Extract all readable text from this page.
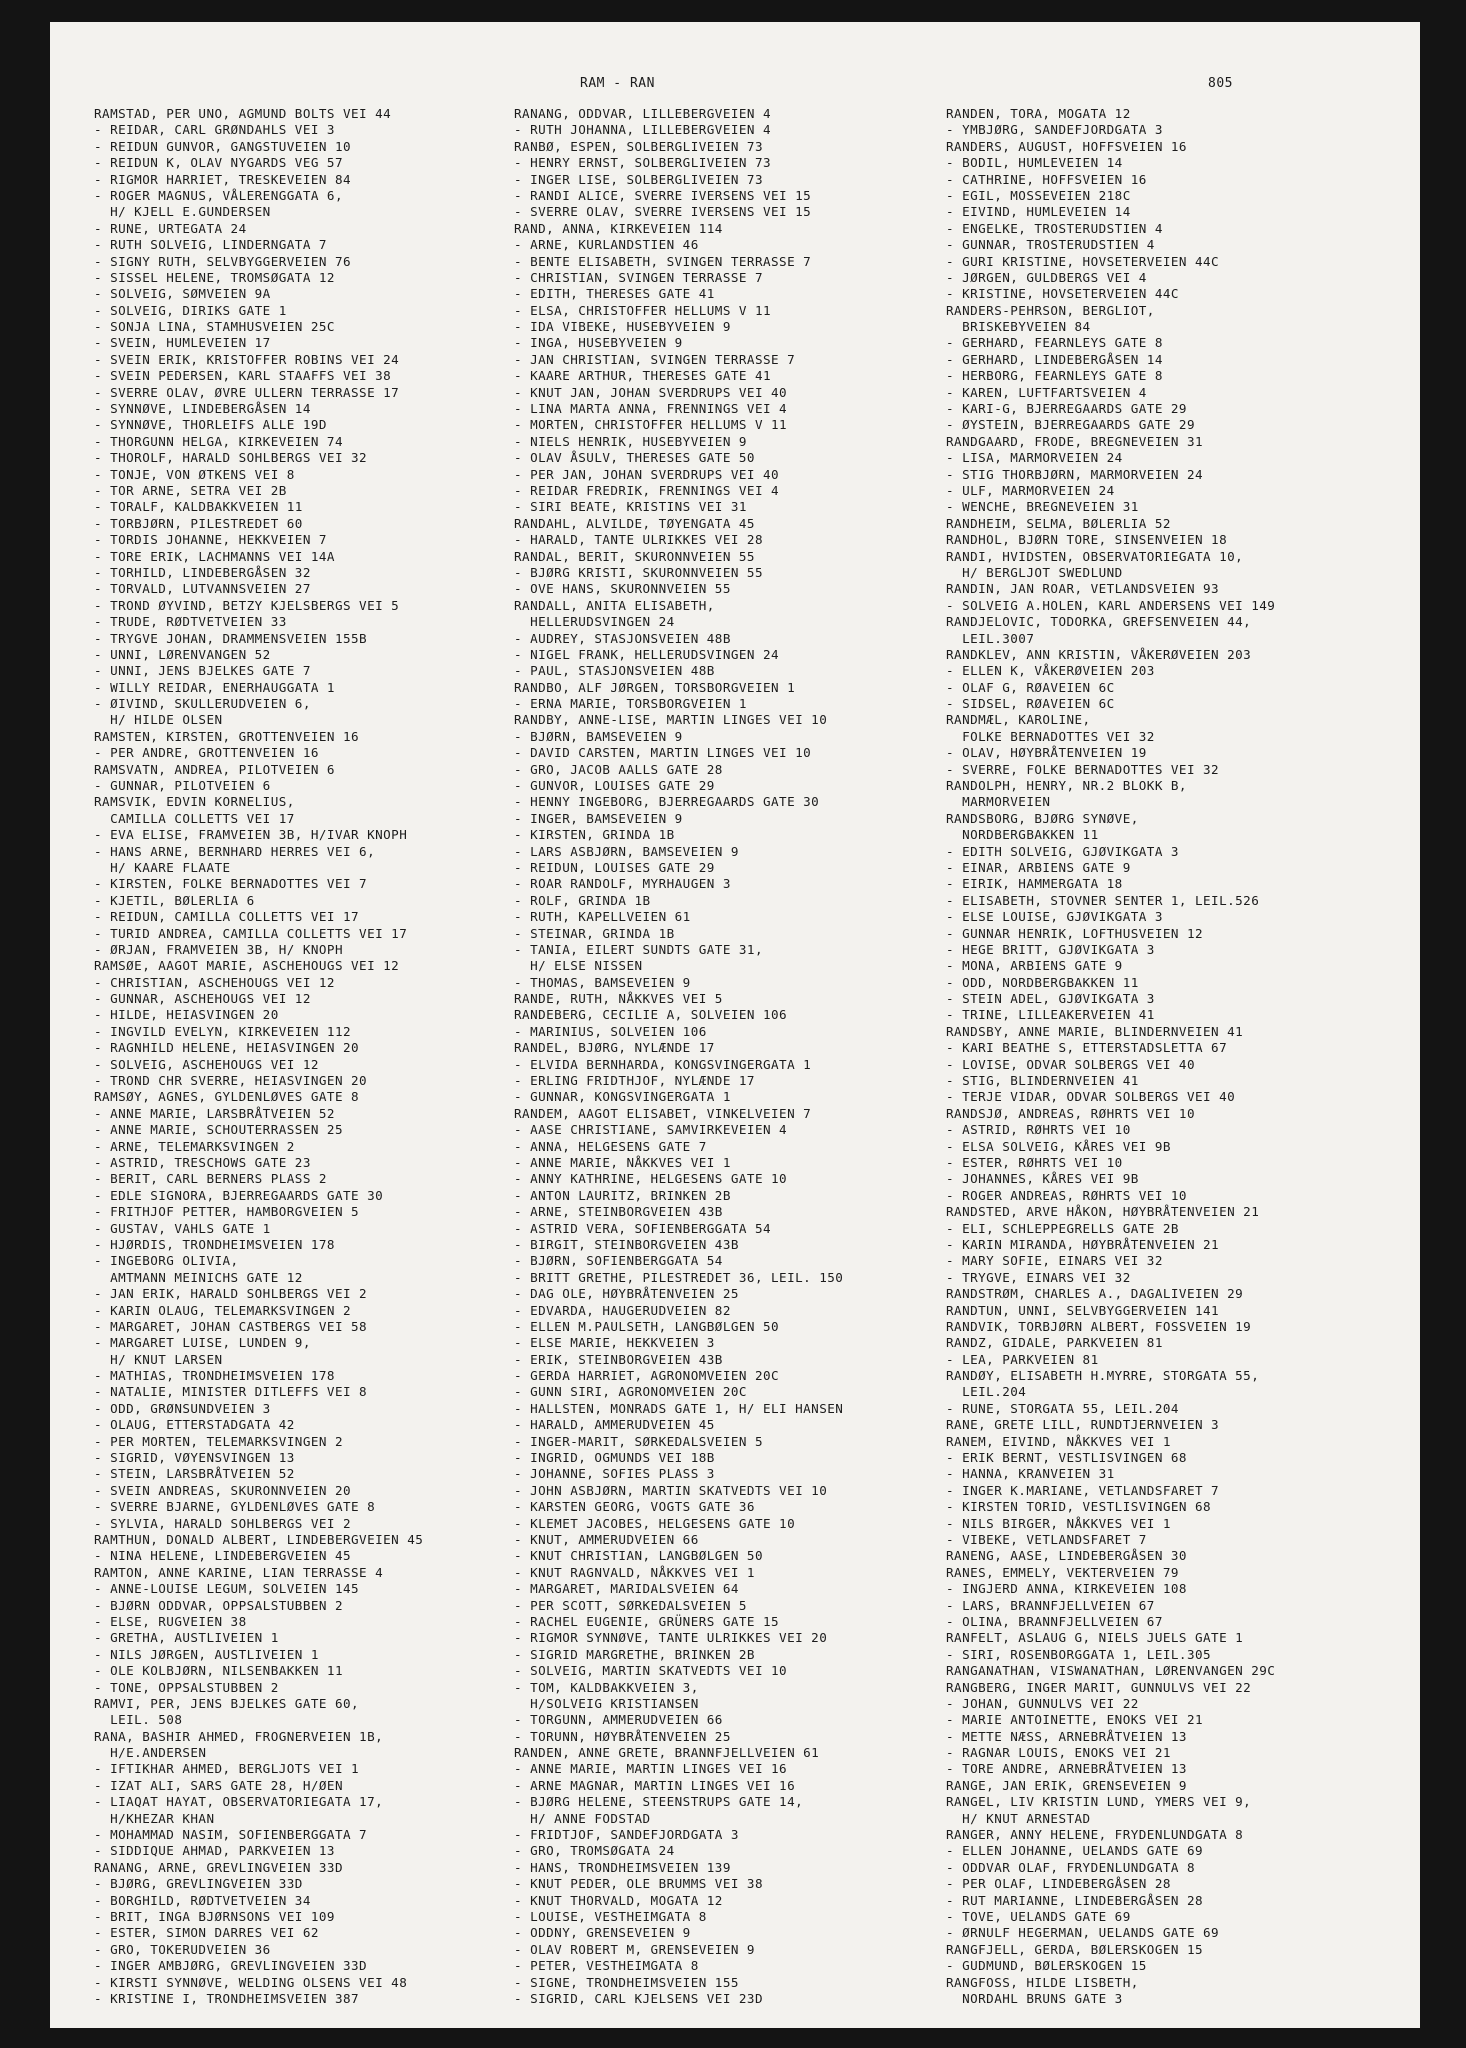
RAM - RAN	805
RAMSTAD, PER UNO, AGMUND BOLTS VEI 44
- REIDAR, CARL GRØNDAHLS VEI 3
- REIDUN GUNVOR, GANGSTUVEIEN 10
- REIDUN K, OLAV NYGARDS VEG 57
- RIGMOR HARRIET, TRESKEVEIEN 84
- ROGER MAGNUS, VÅLERENGGATA 6,
H/ KJELL E.GUNDERSEN
- RUNE, URTEGATA 24
- RUTH SOLVEIG, LINDERNGATA 7
- SIGNY RUTH, SELVBYGGERVEIEN 76
- SISSEL HELENE, TROMSØGATA 12
- SOLVEIG, SØMVEIEN 9A
- SOLVEIG, DIRIKS GATE 1
- SONJA LINA, STAMHUSVEIEN 25C
- SVEIN, HUMLEVEIEN 17
- SVEIN ERIK, KRISTOFFER ROBINS VEI 24
- SVEIN PEDERSEN, KARL STAAFFS VEI 38
- SVERRE OLAV, ØVRE ULLERN TERRASSE 17
- SYNNØVE, LINDEBERGÅSEN 14
- SYNNØVE, THORLEIFS ALLE 19D
- THORGUNN HELGA, KIRKEVEIEN 74
- THOROLF, HARALD SOHLBERGS VEI 32
- TONJE, VON ØTKENS VEI 8
- TOR ARNE, SETRA VEI 2B
- TORALF, KALDBAKKVEIEN 11
- TORBJØRN, PILESTREDET 60
- TORDIS JOHANNE, HEKKVEIEN 7
- TORE ERIK, LACHMANNS VEI 14A
- TORHILD, LINDEBERGÅSEN 32
- TORVALD, LUTVANNSVEIEN 27
- TROND ØYVIND, BETZY KJELSBERGS VEI 5
- TRUDE, RØDTVETVEIEN 33
- TRYGVE JOHAN, DRAMMENSVEIEN 155B
- UNNI, LØRENVANGEN 52
- UNNI, JENS BJELKES GATE 7
- WILLY REIDAR, ENERHAUGGATA 1
- ØIVIND, SKULLERUDVEIEN 6,
H/ HILDE OLSEN
RAMSTEN, KIRSTEN, GROTTENVEIEN 16
- PER ANDRE, GROTTENVEIEN 16
RAMSVATN, ANDREA, PILOTVEIEN 6
- GUNNAR, PILOTVEIEN 6
RAMSVIK, EDVIN KORNELIUS,
CAMILLA COLLETTS VEI 17
- EVA ELISE, FRAMVEIEN 3B, H/IVAR KNOPH
- HANS ARNE, BERNHARD HERRES VEI 6,
H/ KAARE FLAATE
- KIRSTEN, FOLKE BERNADOTTES VEI 7
- KJETIL, BØLERLIA 6
- REIDUN, CAMILLA COLLETTS VEI 17
- TURID ANDREA, CAMILLA COLLETTS VEI 17
- ØRJAN, FRAMVEIEN 3B, H/ KNOPH
RAMSØE, AAGOT MARIE, ASCHEHOUGS VEI 12
- CHRISTIAN, ASCHEHOUGS VEI 12
- GUNNAR, ASCHEHOUGS VEI 12
- HILDE, HEIASVINGEN 20
- INGVILD EVELYN, KIRKEVEIEN 112
- RAGNHILD HELENE, HEIASVINGEN 20
- SOLVEIG, ASCHEHOUGS VEI 12
- TROND CHR SVERRE, HEIASVINGEN 20
RAMSØY, AGNES, GYLDENLØVES GATE 8
- ANNE MARIE, LARSBRÅTVEIEN 52
- ANNE MARIE, SCHOUTERRASSEN 25
- ARNE, TELEMARKSVINGEN 2
- ASTRID, TRESCHOWS GATE 23
- BERIT, CARL BERNERS PLASS 2
- EDLE SIGNORA, BJERREGAARDS GATE 30
- FRITHJOF PETTER, HAMBORGVEIEN 5
- GUSTAV, VAHLS GATE 1
- HJØRDIS, TRONDHEIMSVEIEN 178
- INGEBORG OLIVIA,
AMTMANN MEINICHS GATE 12
- JAN ERIK, HARALD SOHLBERGS VEI 2
- KARIN OLAUG, TELEMARKSVINGEN 2
- MARGARET, JOHAN CASTBERGS VEI 58
- MARGARET LUISE, LUNDEN 9,
H/ KNUT LARSEN
- MATHIAS, TRONDHEIMSVEIEN 178
- NATALIE, MINISTER DITLEFFS VEI 8
- ODD, GRØNSUNDVEIEN 3
- OLAUG, ETTERSTADGATA 42
- PER MORTEN, TELEMARKSVINGEN 2
- SIGRID, VØYENSVINGEN 13
- STEIN, LARSBRÅTVEIEN 52
- SVEIN ANDREAS, SKURONNVEIEN 20
- SVERRE BJARNE, GYLDENLØVES GATE 8
- SYLVIA, HARALD SOHLBERGS VEI 2
RAMTHUN, DONALD ALBERT, LINDEBERGVEIEN 45
- NINA HELENE, LINDEBERGVEIEN 45
RAMTON, ANNE KARINE, LIAN TERRASSE 4
- ANNE-LOUISE LEGUM, SOLVEIEN 145
- BJØRN ODDVAR, OPPSALSTUBBEN 2
- ELSE, RUGVEIEN 38
- GRETHA, AUSTLIVEIEN 1
- NILS JØRGEN, AUSTLIVEIEN 1
- OLE KOLBJØRN, NILSENBAKKEN 11
- TONE, OPPSALSTUBBEN 2
RAMVI, PER, JENS BJELKES GATE 60,
LEIL. 508
RANA, BASHIR AHMED, FROGNERVEIEN 1B,
H/E.ANDERSEN
- IFTIKHAR AHMED, BERGLJOTS VEI 1
- IZAT ALI, SARS GATE 28, H/ØEN
- LIAQAT HAYAT, OBSERVATORIEGATA 17,
H/KHEZAR KHAN
- MOHAMMAD NASIM, SOFIENBERGGATA 7
- SIDDIQUE AHMAD, PARKVEIEN 13
RANANG, ARNE, GREVLINGVEIEN 33D
- BJØRG, GREVLINGVEIEN 33D
- BORGHILD, RØDTVETVEIEN 34
- BRIT, INGA BJØRNSONS VEI 109
- ESTER, SIMON DARRES VEI 62
- GRO, TOKERUDVEIEN 36
- INGER AMBJØRG, GREVLINGVEIEN 33D
- KIRSTI SYNNØVE, WELDING OLSENS VEI 48
- KRISTINE I, TRONDHEIMSVEIEN 387
RANANG, ODDVAR, LILLEBERGVEIEN 4
- RUTH JOHANNA, LILLEBERGVEIEN 4
RANBØ, ESPEN, SOLBERGLIVEIEN 73
- HENRY ERNST, SOLBERGLIVEIEN 73
- INGER LISE, SOLBERGLIVEIEN 73
- RANDI ALICE, SVERRE IVERSENS VEI 15
- SVERRE OLAV, SVERRE IVERSENS VEI 15
RAND, ANNA, KIRKEVEIEN 114
- ARNE, KURLANDSTIEN 46
- BENTE ELISABETH, SVINGEN TERRASSE 7
- CHRISTIAN, SVINGEN TERRASSE 7
- EDITH, THERESES GATE 41
- ELSA, CHRISTOFFER HELLUMS V 11
- IDA VIBEKE, HUSEBYVEIEN 9
- INGA, HUSEBYVEIEN 9
- JAN CHRISTIAN, SVINGEN TERRASSE 7
- KAARE ARTHUR, THERESES GATE 41
- KNUT JAN, JOHAN SVERDRUPS VEI 40
- LINA MARTA ANNA, FRENNINGS VEI 4
- MORTEN, CHRISTOFFER HELLUMS V 11
- NIELS HENRIK, HUSEBYVEIEN 9
- OLAV ÅSULV, THERESES GATE 50
- PER JAN, JOHAN SVERDRUPS VEI 40
- REIDAR FREDRIK, FRENNINGS VEI 4
- SIRI BEATE, KRISTINS VEI 31
RANDAHL, ALVILDE, TØYENGATA 45
- HARALD, TANTE ULRIKKES VEI 28
RANDAL, BERIT, SKURONNVEIEN 55
- BJØRG KRISTI, SKURONNVEIEN 55
- OVE HANS, SKURONNVEIEN 55
RANDALL, ANITA ELISABETH,
HELLERUDSVINGEN 24
- AUDREY, STASJONSVEIEN 48B
- NIGEL FRANK, HELLERUDSVINGEN 24
- PAUL, STASJONSVEIEN 48B
RANDBO, ALF JØRGEN, TORSBORGVEIEN 1
- ERNA MARIE, TORSBORGVEIEN 1
RANDBY, ANNE-LISE, MARTIN LINGES VEI 10
- BJØRN, BAMSEVEIEN 9
- DAVID CARSTEN, MARTIN LINGES VEI 10
- GRO, JACOB AALLS GATE 28
- GUNVOR, LOUISES GATE 29
- HENNY INGEBORG, BJERREGAARDS GATE 30
- INGER, BAMSEVEIEN 9
- KIRSTEN, GRINDA 1B
- LARS ASBJØRN, BAMSEVEIEN 9
- REIDUN, LOUISES GATE 29
- ROAR RANDOLF, MYRHAUGEN 3
- ROLF, GRINDA 1B
- RUTH, KAPELLVEIEN 61
- STEINAR, GRINDA 1B
- TANIA, EILERT SUNDTS GATE 31,
H/ ELSE NISSEN
- THOMAS, BAMSEVEIEN 9
RANDE, RUTH, NÅKKVES VEI 5
RANDEBERG, CECILIE A, SOLVEIEN 106
- MARINIUS, SOLVEIEN 106
RANDEL, BJØRG, NYLÆNDE 17
- ELVIDA BERNHARDA, KONGSVINGERGATA 1
- ERLING FRIDTHJOF, NYLÆNDE 17
- GUNNAR, KONGSVINGERGATA 1
RANDEM, AAGOT ELISABET, VINKELVEIEN 7
- AASE CHRISTIANE, SAMVIRKEVEIEN 4
- ANNA, HELGESENS GATE 7
- ANNE MARIE, NÅKKVES VEI 1
- ANNY KATHRINE, HELGESENS GATE 10
- ANTON LAURITZ, BRINKEN 2B
- ARNE, STEINBORGVEIEN 43B
- ASTRID VERA, SOFIENBERGGATA 54
- BIRGIT, STEINBORGVEIEN 43B
- BJØRN, SOFIENBERGGATA 54
- BRITT GRETHE, PILESTREDET 36, LEIL. 150
- DAG OLE, HØYBRÅTENVEIEN 25
- EDVARDA, HAUGERUDVEIEN 82
- ELLEN M.PAULSETH, LANGBØLGEN 50
- ELSE MARIE, HEKKVEIEN 3
- ERIK, STEINBORGVEIEN 43B
- GERDA HARRIET, AGRONOMVEIEN 20C
- GUNN SIRI, AGRONOMVEIEN 20C
- HALLSTEN, MONRADS GATE 1, H/ ELI HANSEN
- HARALD, AMMERUDVEIEN 45
- INGER-MARIT, SØRKEDALSVEIEN 5
- INGRID, OGMUNDS VEI 18B
- JOHANNE, SOFIES PLASS 3
- JOHN ASBJØRN, MARTIN SKATVEDTS VEI 10
- KARSTEN GEORG, VOGTS GATE 36
- KLEMET JACOBES, HELGESENS GATE 10
- KNUT, AMMERUDVEIEN 66
- KNUT CHRISTIAN, LANGBØLGEN 50
- KNUT RAGNVALD, NÅKKVES VEI 1
- MARGARET, MARIDALSVEIEN 64
- PER SCOTT, SØRKEDALSVEIEN 5
- RACHEL EUGENIE, GRÜNERS GATE 15
- RIGMOR SYNNØVE, TANTE ULRIKKES VEI 20
- SIGRID MARGRETHE, BRINKEN 2B
- SOLVEIG, MARTIN SKATVEDTS VEI 10
- TOM, KALDBAKKVEIEN 3,
H/SOLVEIG KRISTIANSEN
- TORGUNN, AMMERUDVEIEN 66
- TORUNN, HØYBRÅTENVEIEN 25
RANDEN, ANNE GRETE, BRANNFJELLVEIEN 61
- ANNE MARIE, MARTIN LINGES VEI 16
- ARNE MAGNAR, MARTIN LINGES VEI 16
- BJØRG HELENE, STEENSTRUPS GATE 14,
H/ ANNE FODSTAD
- FRIDTJOF, SANDEFJORDGATA 3
- GRO, TROMSØGATA 24
- HANS, TRONDHEIMSVEIEN 139
- KNUT PEDER, OLE BRUMMS VEI 38
- KNUT THORVALD, MOGATA 12
- LOUISE, VESTHEIMGATA 8
- ODDNY, GRENSEVEIEN 9
- OLAV ROBERT M, GRENSEVEIEN 9
- PETER, VESTHEIMGATA 8
- SIGNE, TRONDHEIMSVEIEN 155
- SIGRID, CARL KJELSENS VEI 23D
RANDEN, TORA, MOGATA 12
- YMBJØRG, SANDEFJORDGATA 3
RANDERS, AUGUST, HOFFSVEIEN 16
- BODIL, HUMLEVEIEN 14
- CATHRINE, HOFFSVEIEN 16
- EGIL, MOSSEVEIEN 218C
- EIVIND, HUMLEVEIEN 14
- ENGELKE, TROSTERUDSTIEN 4
- GUNNAR, TROSTERUDSTIEN 4
- GURI KRISTINE, HOVSETERVEIEN 44C
- JØRGEN, GULDBERGS VEI 4
- KRISTINE, HOVSETERVEIEN 44C
RANDERS-PEHRSON, BERGLIOT,
BRISKEBYVEIEN 84
- GERHARD, FEARNLEYS GATE 8
- GERHARD, LINDEBERGÅSEN 14
- HERBORG, FEARNLEYS GATE 8
- KAREN, LUFTFARTSVEIEN 4
- KARI-G, BJERREGAARDS GATE 29
- ØYSTEIN, BJERREGAARDS GATE 29
RANDGAARD, FRODE, BREGNEVEIEN 31
- LISA, MARMORVEIEN 24
- STIG THORBJØRN, MARMORVEIEN 24
- ULF, MARMORVEIEN 24
- WENCHE, BREGNEVEIEN 31
RANDHEIM, SELMA, BØLERLIA 52
RANDHOL, BJØRN TORE, SINSENVEIEN 18
RANDI, HVIDSTEN, OBSERVATORIEGATA 10,
H/ BERGLJOT SWEDLUND
RANDIN, JAN ROAR, VETLANDSVEIEN 93
- SOLVEIG A.HOLEN, KARL ANDERSENS VEI 149
RANDJELOVIC, TODORKA, GREFSENVEIEN 44,
LEIL.3007
RANDKLEV, ANN KRISTIN, VÅKERØVEIEN 203
- ELLEN K, VÅKERØVEIEN 203
- OLAF G, RØAVEIEN 6C
- SIDSEL, RØAVEIEN 6C
RANDMÆL, KAROLINE,
FOLKE BERNADOTTES VEI 32
- OLAV, HØYBRÅTENVEIEN 19
- SVERRE, FOLKE BERNADOTTES VEI 32
RANDOLPH, HENRY, NR.2 BLOKK B,
MARMORVEIEN
RANDSBORG, BJØRG SYNØVE,
NORDBERGBAKKEN 11
- EDITH SOLVEIG, GJØVIKGATA 3
- EINAR, ARBIENS GATE 9
- EIRIK, HAMMERGATA 18
- ELISABETH, STOVNER SENTER 1, LEIL.526
- ELSE LOUISE, GJØVIKGATA 3
- GUNNAR HENRIK, LOFTHUSVEIEN 12
- HEGE BRITT, GJØVIKGATA 3
- MONA, ARBIENS GATE 9
- ODD, NORDBERGBAKKEN 11
- STEIN ADEL, GJØVIKGATA 3
- TRINE, LILLEAKERVEIEN 41
RANDSBY, ANNE MARIE, BLINDERNVEIEN 41
- KARI BEATHE S, ETTERSTADSLETTA 67
- LOVISE, ODVAR SOLBERGS VEI 40
- STIG, BLINDERNVEIEN 41
- TERJE VIDAR, ODVAR SOLBERGS VEI 40
RANDSJØ, ANDREAS, RØHRTS VEI 10
- ASTRID, RØHRTS VEI 10
- ELSA SOLVEIG, KÅRES VEI 9B
- ESTER, RØHRTS VEI 10
- JOHANNES, KÅRES VEI 9B
- ROGER ANDREAS, RØHRTS VEI 10
RANDSTED, ARVE HÅKON, HØYBRÅTENVEIEN 21
- ELI, SCHLEPPEGRELLS GATE 2B
- KARIN MIRANDA, HØYBRÅTENVEIEN 21
- MARY SOFIE, EINARS VEI 32
- TRYGVE, EINARS VEI 32
RANDSTRØM, CHARLES A., DAGALIVEIEN 29
RANDTUN, UNNI, SELVBYGGERVEIEN 141
RANDVIK, TORBJØRN ALBERT, FOSSVEIEN 19
RANDZ, GIDALE, PARKVEIEN 81
- LEA, PARKVEIEN 81
RANDØY, ELISABETH H.MYRRE, STORGATA 55,
LEIL.204
- RUNE, STORGATA 55, LEIL.204
RANE, GRETE LILL, RUNDTJERNVEIEN 3
RANEM, EIVIND, NÅKKVES VEI 1
- ERIK BERNT, VESTLISVINGEN 68
- HANNA, KRANVEIEN 31
- INGER K.MARIANE, VETLANDSFARET 7
- KIRSTEN TORID, VESTLISVINGEN 68
- NILS BIRGER, NÅKKVES VEI 1
- VIBEKE, VETLANDSFARET 7
RANENG, AASE, LINDEBERGÅSEN 30
RANES, EMMELY, VEKTERVEIEN 79
- INGJERD ANNA, KIRKEVEIEN 108
- LARS, BRANNFJELLVEIEN 67
- OLINA, BRANNFJELLVEIEN 67
RANFELT, ASLAUG G, NIELS JUELS GATE 1
- SIRI, ROSENBORGGATA 1, LEIL.305
RANGANATHAN, VISWANATHAN, LØRENVANGEN 29C
RANGBERG, INGER MARIT, GUNNULVS VEI 22
- JOHAN, GUNNULVS VEI 22
- MARIE ANTOINETTE, ENOKS VEI 21
- METTE NÆSS, ARNEBRÅTVEIEN 13
- RAGNAR LOUIS, ENOKS VEI 21
- TORE ANDRE, ARNEBRÅTVEIEN 13
RANGE, JAN ERIK, GRENSEVEIEN 9
RANGEL, LIV KRISTIN LUND, YMERS VEI 9,
H/ KNUT ARNESTAD
RANGER, ANNY HELENE, FRYDENLUNDGATA 8
- ELLEN JOHANNE, UELANDS GATE 69
- ODDVAR OLAF, FRYDENLUNDGATA 8
- PER OLAF, LINDEBERGÅSEN 28
- RUT MARIANNE, LINDEBERGÅSEN 28
- TOVE, UELANDS GATE 69
- ØRNULF HEGERMAN, UELANDS GATE 69
RANGFJELL, GERDA, BØLERSKOGEN 15
- GUDMUND, BØLERSKOGEN 15
RANGFOSS, HILDE LISBETH,
NORDAHL BRUNS GATE 3
